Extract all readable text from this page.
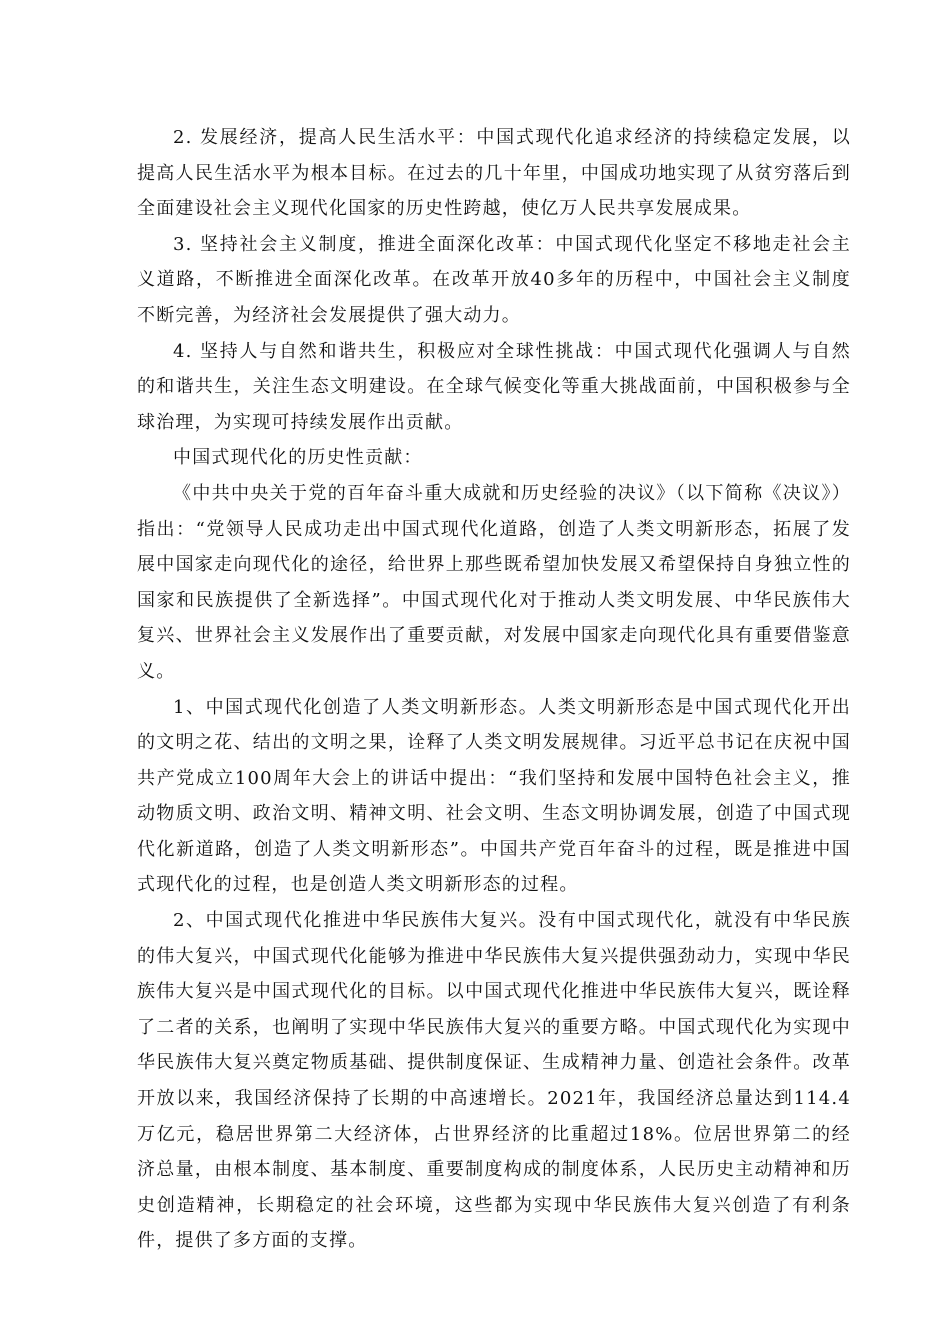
2. 发展经济，提高人民生活水平：中国式现代化追求经济的持续稳定发展，以提高人民生活水平为根本目标。在过去的几十年里，中国成功地实现了从贫穷落后到全面建设社会主义现代化国家的历史性跨越，使亿万人民共享发展成果。

3. 坚持社会主义制度，推进全面深化改革：中国式现代化坚定不移地走社会主义道路，不断推进全面深化改革。在改革开放40多年的历程中，中国社会主义制度不断完善，为经济社会发展提供了强大动力。

4. 坚持人与自然和谐共生，积极应对全球性挑战：中国式现代化强调人与自然的和谐共生，关注生态文明建设。在全球气候变化等重大挑战面前，中国积极参与全球治理，为实现可持续发展作出贡献。

中国式现代化的历史性贡献：

《中共中央关于党的百年奋斗重大成就和历史经验的决议》（以下简称《决议》）指出：“党领导人民成功走出中国式现代化道路，创造了人类文明新形态，拓展了发展中国家走向现代化的途径，给世界上那些既希望加快发展又希望保持自身独立性的国家和民族提供了全新选择”。中国式现代化对于推动人类文明发展、中华民族伟大复兴、世界社会主义发展作出了重要贡献，对发展中国家走向现代化具有重要借鉴意义。

1、中国式现代化创造了人类文明新形态。人类文明新形态是中国式现代化开出的文明之花、结出的文明之果，诠释了人类文明发展规律。习近平总书记在庆祝中国共产党成立100周年大会上的讲话中提出：“我们坚持和发展中国特色社会主义，推动物质文明、政治文明、精神文明、社会文明、生态文明协调发展，创造了中国式现代化新道路，创造了人类文明新形态”。中国共产党百年奋斗的过程，既是推进中国式现代化的过程，也是创造人类文明新形态的过程。

2、中国式现代化推进中华民族伟大复兴。没有中国式现代化，就没有中华民族的伟大复兴，中国式现代化能够为推进中华民族伟大复兴提供强劲动力，实现中华民族伟大复兴是中国式现代化的目标。以中国式现代化推进中华民族伟大复兴，既诠释了二者的关系，也阐明了实现中华民族伟大复兴的重要方略。中国式现代化为实现中华民族伟大复兴奠定物质基础、提供制度保证、生成精神力量、创造社会条件。改革开放以来，我国经济保持了长期的中高速增长。2021年，我国经济总量达到114.4万亿元，稳居世界第二大经济体，占世界经济的比重超过18%。位居世界第二的经济总量，由根本制度、基本制度、重要制度构成的制度体系，人民历史主动精神和历史创造精神，长期稳定的社会环境，这些都为实现中华民族伟大复兴创造了有利条件，提供了多方面的支撑。
